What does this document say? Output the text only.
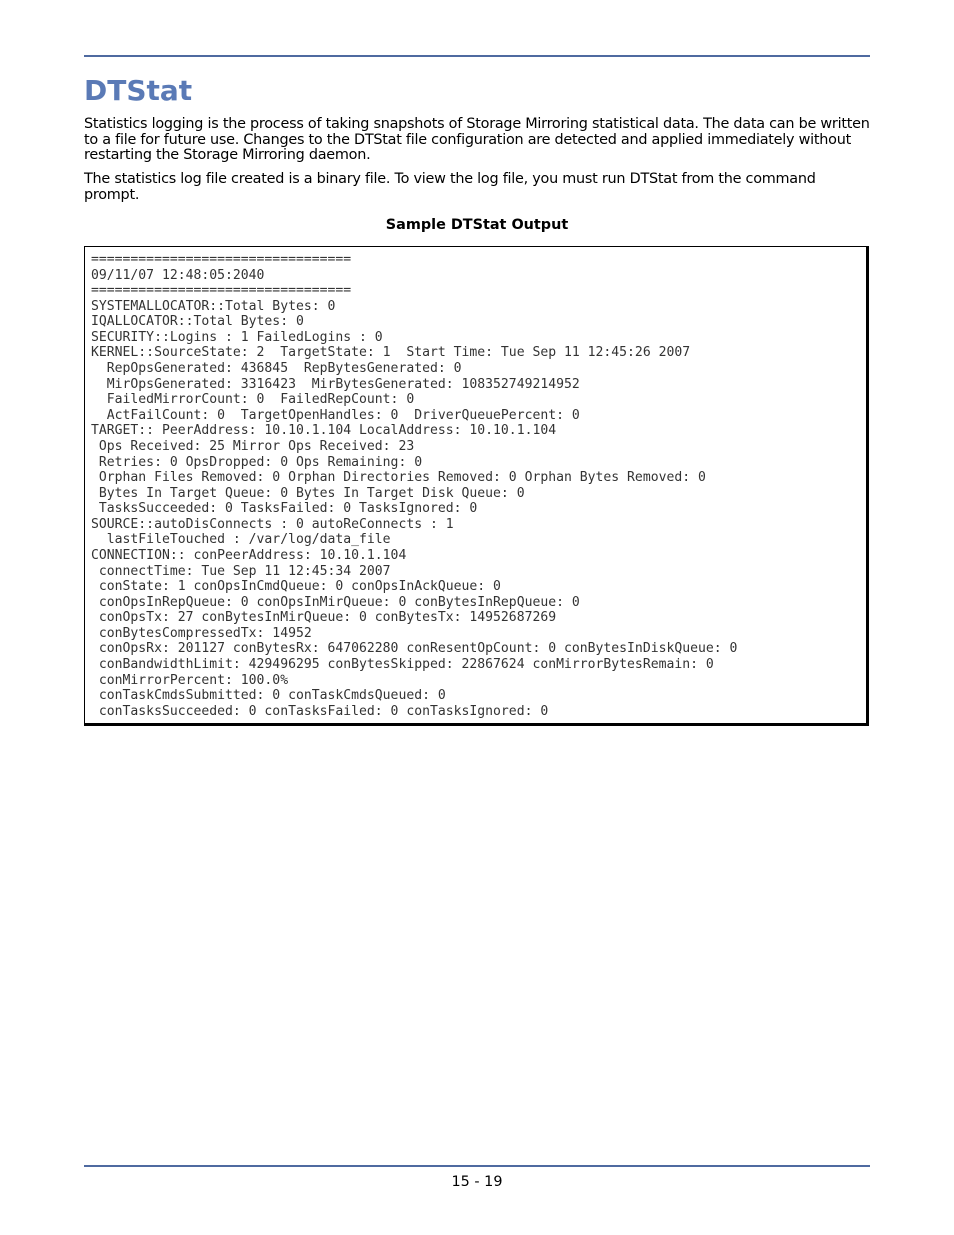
DTStat

Statistics logging is the process of taking snapshots of Storage Mirroring statistical data. The data can be written to a file for future use. Changes to the DTStat file configuration are detected and applied immediately without restarting the Storage Mirroring daemon.

The statistics log file created is a binary file. To view the log file, you must run DTStat from the command prompt.

Sample DTStat Output

=================================
09/11/07 12:48:05:2040
=================================
SYSTEMALLOCATOR::Total Bytes: 0
IQALLOCATOR::Total Bytes: 0
SECURITY::Logins : 1 FailedLogins : 0
KERNEL::SourceState: 2  TargetState: 1  Start Time: Tue Sep 11 12:45:26 2007
RepOpsGenerated: 436845  RepBytesGenerated: 0
MirOpsGenerated: 3316423  MirBytesGenerated: 108352749214952
FailedMirrorCount: 0  FailedRepCount: 0
ActFailCount: 0  TargetOpenHandles: 0  DriverQueuePercent: 0
TARGET:: PeerAddress: 10.10.1.104 LocalAddress: 10.10.1.104
Ops Received: 25 Mirror Ops Received: 23
Retries: 0 OpsDropped: 0 Ops Remaining: 0
Orphan Files Removed: 0 Orphan Directories Removed: 0 Orphan Bytes Removed: 0
Bytes In Target Queue: 0 Bytes In Target Disk Queue: 0
TasksSucceeded: 0 TasksFailed: 0 TasksIgnored: 0
SOURCE::autoDisConnects : 0 autoReConnects : 1
lastFileTouched : /var/log/data_file
CONNECTION:: conPeerAddress: 10.10.1.104
connectTime: Tue Sep 11 12:45:34 2007
conState: 1 conOpsInCmdQueue: 0 conOpsInAckQueue: 0
conOpsInRepQueue: 0 conOpsInMirQueue: 0 conBytesInRepQueue: 0
conOpsTx: 27 conBytesInMirQueue: 0 conBytesTx: 14952687269
conBytesCompressedTx: 14952
conOpsRx: 201127 conBytesRx: 647062280 conResentOpCount: 0 conBytesInDiskQueue: 0
conBandwidthLimit: 429496295 conBytesSkipped: 22867624 conMirrorBytesRemain: 0
conMirrorPercent: 100.0%
conTaskCmdsSubmitted: 0 conTaskCmdsQueued: 0
conTasksSucceeded: 0 conTasksFailed: 0 conTasksIgnored: 0

15 - 19
